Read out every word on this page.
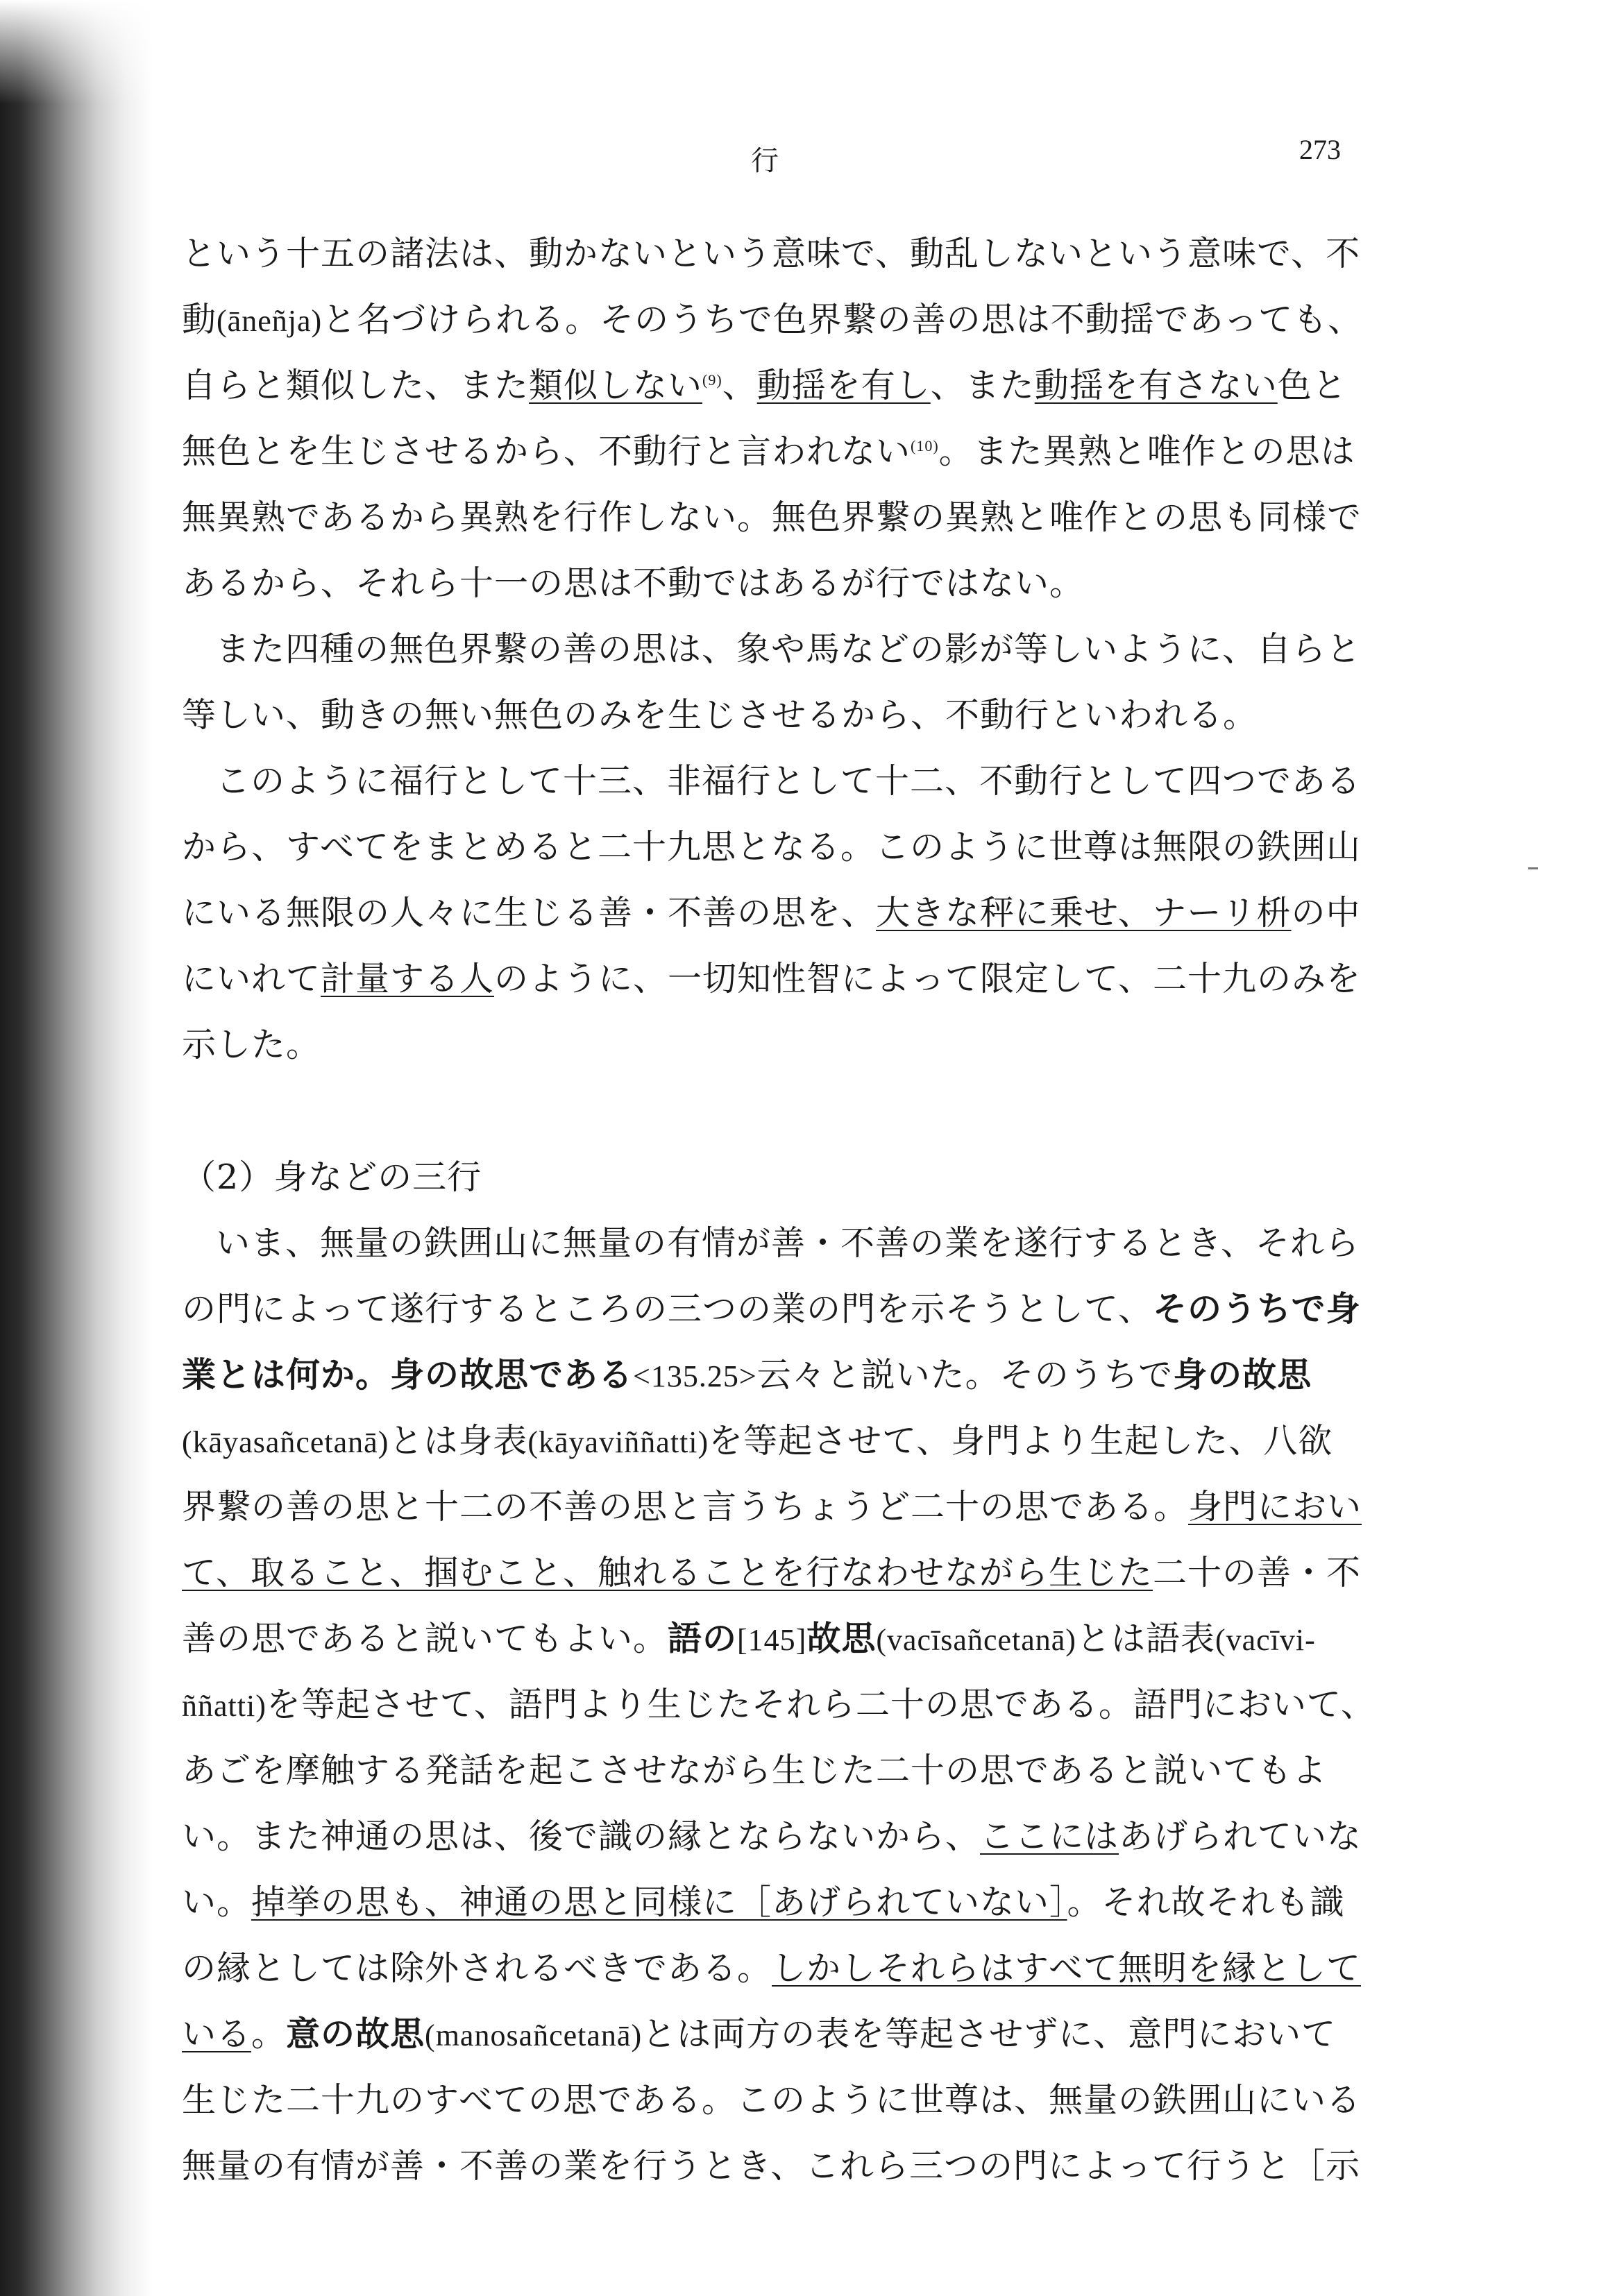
行	273
という十五の諸法は、動かないという意味で、動乱しないという意味で、不
動(āneñja)と名づけられる。そのうちで色界繋の善の思は不動揺であっても、
自らと類似した、また類似しない$^{(9)}$、動揺を有し、また動揺を有さない色と
無色とを生じさせるから、不動行と言われない$^{(10)}$。また異熟と唯作との思は
無異熟であるから異熟を行作しない。無色界繋の異熟と唯作との思も同様で
あるから、それら十一の思は不動ではあるが行ではない。
また四種の無色界繋の善の思は、象や馬などの影が等しいように、自らと
等しい、動きの無い無色のみを生じさせるから、不動行といわれる。
このように福行として十三、非福行として十二、不動行として四つである
から、すべてをまとめると二十九思となる。このように世尊は無限の鉄囲山
にいる無限の人々に生じる善・不善の思を、大きな秤に乗せ、ナーリ枡の中
にいれて計量する人のように、一切知性智によって限定して、二十九のみを
示した。
（2）身などの三行
いま、無量の鉄囲山に無量の有情が善・不善の業を遂行するとき、それら
の門によって遂行するところの三つの業の門を示そうとして、そのうちで身
業とは何か。身の故思である<135.25>云々と説いた。そのうちで身の故思
(kāyasañcetanā)とは身表(kāyaviññatti)を等起させて、身門より生起した、八欲
界繋の善の思と十二の不善の思と言うちょうど二十の思である。身門におい
て、取ること、掴むこと、触れることを行なわせながら生じた二十の善・不
善の思であると説いてもよい。語の[145]故思(vacīsañcetanā)とは語表(vacīvi-
ññatti)を等起させて、語門より生じたそれら二十の思である。語門において、
あごを摩触する発話を起こさせながら生じた二十の思であると説いてもよ
い。また神通の思は、後で識の縁とならないから、ここにはあげられていな
い。掉挙の思も、神通の思と同様に［あげられていない］。それ故それも識
の縁としては除外されるべきである。しかしそれらはすべて無明を縁として
いる。意の故思(manosañcetanā)とは両方の表を等起させずに、意門において
生じた二十九のすべての思である。このように世尊は、無量の鉄囲山にいる
無量の有情が善・不善の業を行うとき、これら三つの門によって行うと［示
